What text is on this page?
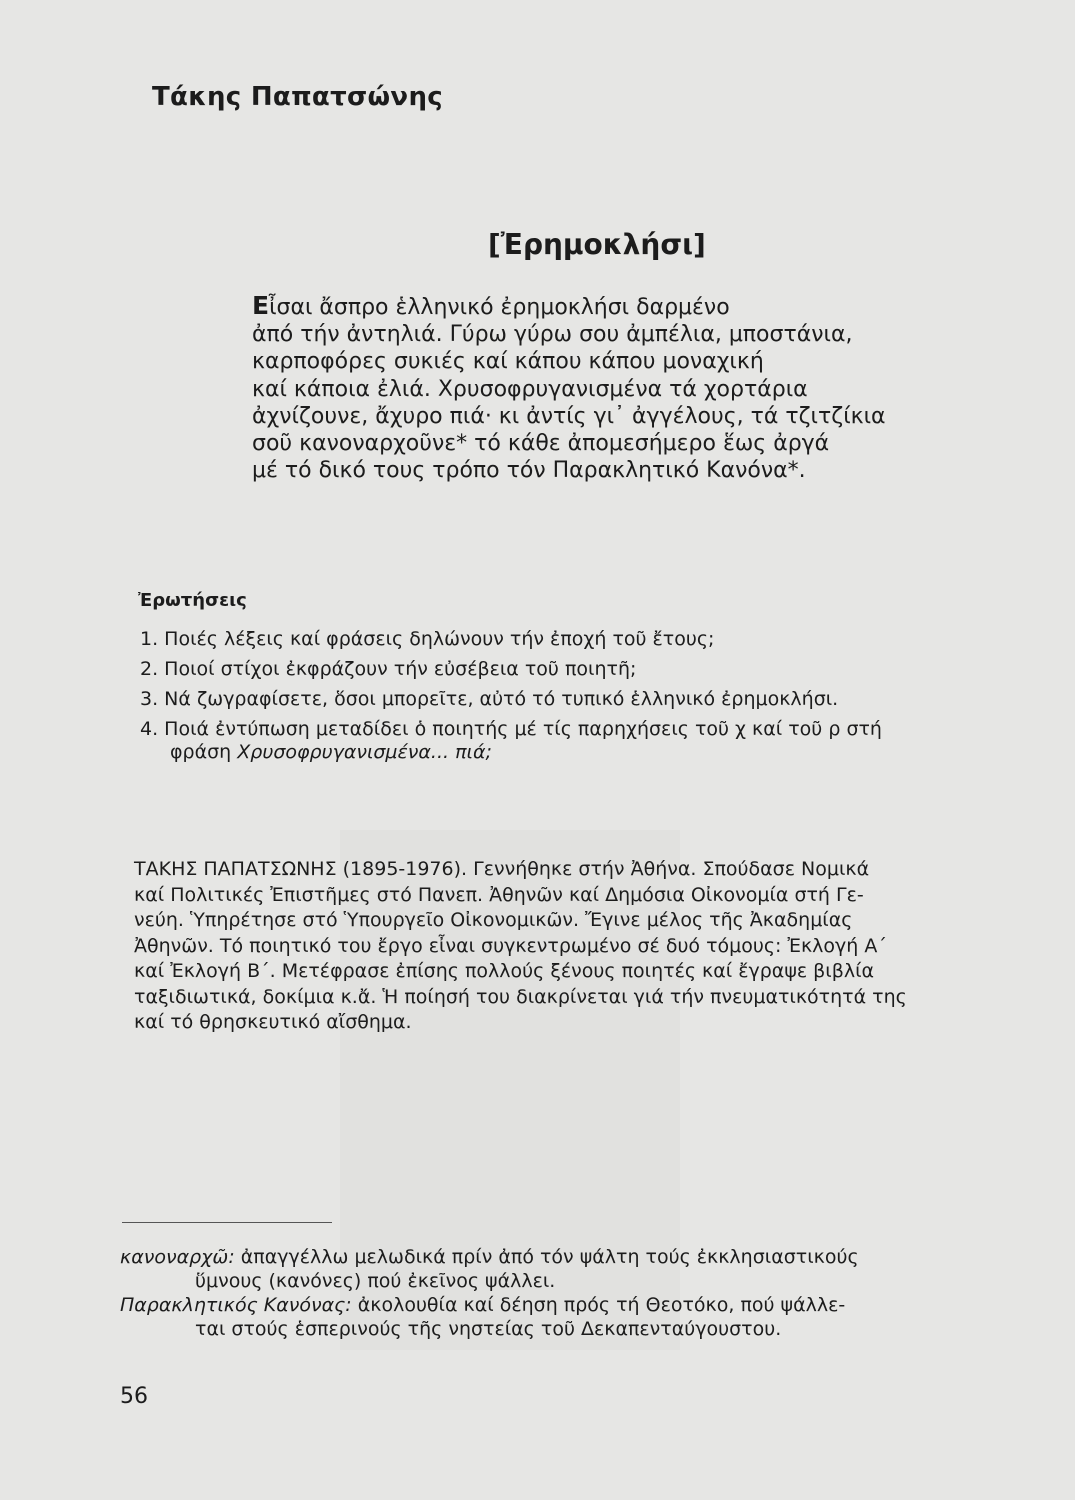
Τάκης Παπατσώνης
[Ἐρημοκλήσι]
Εἶσαι ἄσπρο ἑλληνικό ἐρημοκλήσι δαρμένο
ἀπό τήν ἀντηλιά. Γύρω γύρω σου ἀμπέλια, μποστάνια,
καρποφόρες συκιές καί κάπου κάπου μοναχική
καί κάποια ἐλιά. Χρυσοφρυγανισμένα τά χορτάρια
ἀχνίζουνε, ἄχυρο πιά· κι ἀντίς γι᾿ ἀγγέλους, τά τζιτζίκια
σοῦ κανοναρχοῦνε* τό κάθε ἀπομεσήμερο ἕως ἀργά
μέ τό δικό τους τρόπο τόν Παρακλητικό Κανόνα*.
Ἐρωτήσεις
1. Ποιές λέξεις καί φράσεις δηλώνουν τήν ἐποχή τοῦ ἔτους;
2. Ποιοί στίχοι ἐκφράζουν τήν εὐσέβεια τοῦ ποιητῆ;
3. Νά ζωγραφίσετε, ὅσοι μπορεῖτε, αὐτό τό τυπικό ἑλληνικό ἐρημοκλήσι.
4. Ποιά ἐντύπωση μεταδίδει ὁ ποιητής μέ τίς παρηχήσεις τοῦ χ καί τοῦ ρ στή
φράση Χρυσοφρυγανισμένα... πιά;
ΤΑΚΗΣ ΠΑΠΑΤΣΩΝΗΣ (1895-1976). Γεννήθηκε στήν Ἀθήνα. Σπούδασε Νομικά
καί Πολιτικές Ἐπιστῆμες στό Πανεπ. Ἀθηνῶν καί Δημόσια Οἰκονομία στή Γε-
νεύη. Ὑπηρέτησε στό Ὑπουργεῖο Οἰκονομικῶν. Ἔγινε μέλος τῆς Ἀκαδημίας
Ἀθηνῶν. Τό ποιητικό του ἔργο εἶναι συγκεντρωμένο σέ δυό τόμους: Ἐκλογή Α´
καί Ἐκλογή Β´. Μετέφρασε ἐπίσης πολλούς ξένους ποιητές καί ἔγραψε βιβλία
ταξιδιωτικά, δοκίμια κ.ἄ. Ἡ ποίησή του διακρίνεται γιά τήν πνευματικότητά της
καί τό θρησκευτικό αἴσθημα.
κανοναρχῶ: ἀπαγγέλλω μελωδικά πρίν ἀπό τόν ψάλτη τούς ἐκκλησιαστικούς
ὕμνους (κανόνες) πού ἐκεῖνος ψάλλει.
Παρακλητικός Κανόνας: ἀκολουθία καί δέηση πρός τή Θεοτόκο, πού ψάλλε-
ται στούς ἑσπερινούς τῆς νηστείας τοῦ Δεκαπενταύγουστου.
56
